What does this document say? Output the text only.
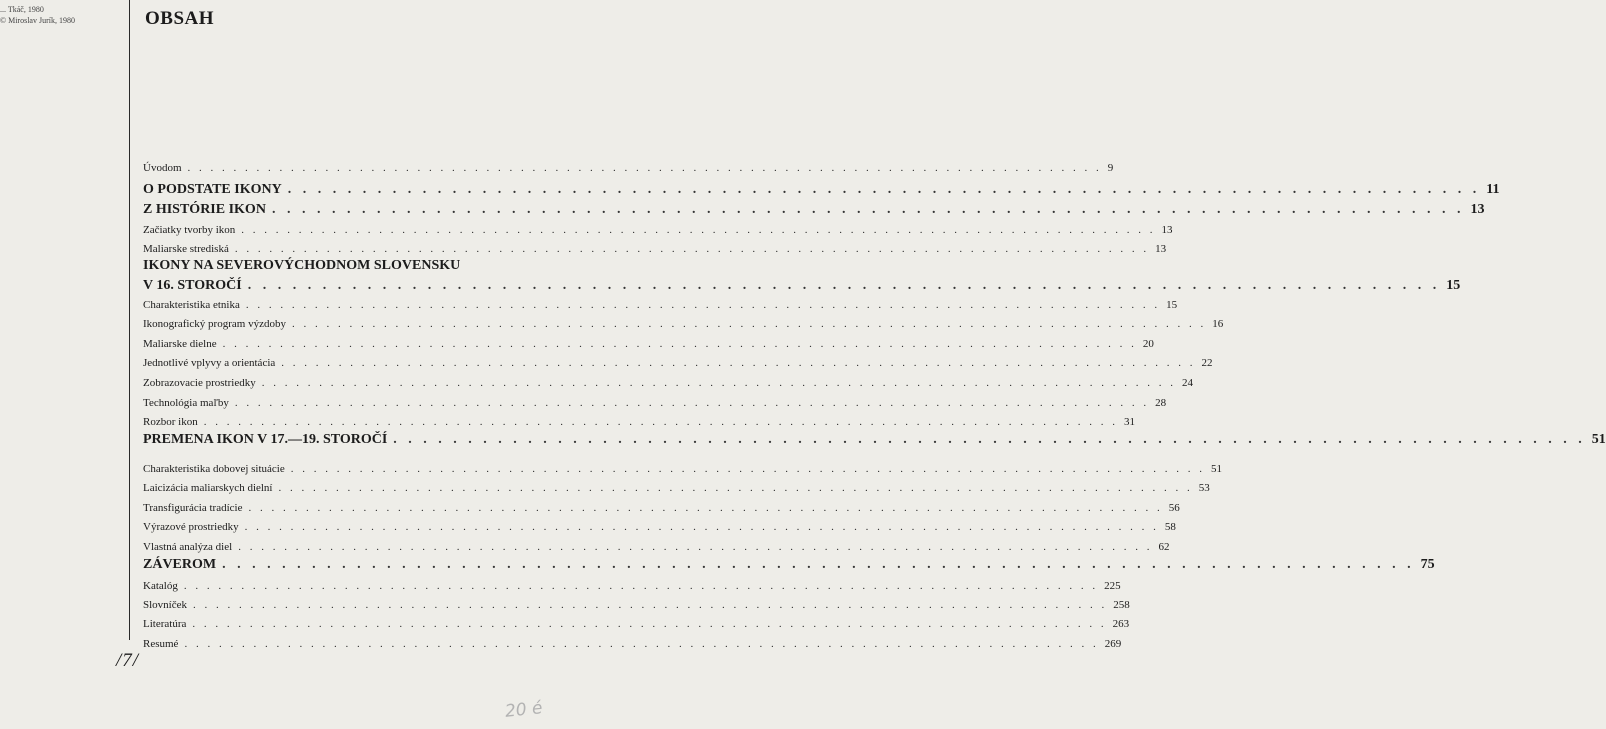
... Tkáč, 1980
© Miroslav Jurík, 1980	OBSAH
IKONY NA SEVEROVÝCHODNOM SLOVENSKU
Úvodom . . . . . . . . . . . . . . . . . . . . . . . . . . . . . . . . . . . . . . . . . . . . . . . . . . . . . . . . . . . . . . . . . . . . . . . . . . . . . . . . 9
O PODSTATE IKONY . . . . . . . . . . . . . . . . . . . . . . . . . . . . . . . . . . . . . . . . . . . . . . . . . . . . . . . . . . . . . . . . . . . . . . . . . . . . . . . . 11
Z HISTÓRIE IKON . . . . . . . . . . . . . . . . . . . . . . . . . . . . . . . . . . . . . . . . . . . . . . . . . . . . . . . . . . . . . . . . . . . . . . . . . . . . . . . . 13
Začiatky tvorby ikon . . . . . . . . . . . . . . . . . . . . . . . . . . . . . . . . . . . . . . . . . . . . . . . . . . . . . . . . . . . . . . . . . . . . . . . . . . . . . . . . 13
Maliarske strediská . . . . . . . . . . . . . . . . . . . . . . . . . . . . . . . . . . . . . . . . . . . . . . . . . . . . . . . . . . . . . . . . . . . . . . . . . . . . . . . . 13
V 16. STOROČÍ . . . . . . . . . . . . . . . . . . . . . . . . . . . . . . . . . . . . . . . . . . . . . . . . . . . . . . . . . . . . . . . . . . . . . . . . . . . . . . . . 15
Charakteristika etnika . . . . . . . . . . . . . . . . . . . . . . . . . . . . . . . . . . . . . . . . . . . . . . . . . . . . . . . . . . . . . . . . . . . . . . . . . . . . . . . . 15
Ikonografický program výzdoby . . . . . . . . . . . . . . . . . . . . . . . . . . . . . . . . . . . . . . . . . . . . . . . . . . . . . . . . . . . . . . . . . . . . . . . . . . . . . . . . 16
Maliarske dielne . . . . . . . . . . . . . . . . . . . . . . . . . . . . . . . . . . . . . . . . . . . . . . . . . . . . . . . . . . . . . . . . . . . . . . . . . . . . . . . . 20
Jednotlivé vplyvy a orientácia . . . . . . . . . . . . . . . . . . . . . . . . . . . . . . . . . . . . . . . . . . . . . . . . . . . . . . . . . . . . . . . . . . . . . . . . . . . . . . . . 22
Zobrazovacie prostriedky . . . . . . . . . . . . . . . . . . . . . . . . . . . . . . . . . . . . . . . . . . . . . . . . . . . . . . . . . . . . . . . . . . . . . . . . . . . . . . . . 24
Technológia maľby . . . . . . . . . . . . . . . . . . . . . . . . . . . . . . . . . . . . . . . . . . . . . . . . . . . . . . . . . . . . . . . . . . . . . . . . . . . . . . . . 28
Rozbor ikon . . . . . . . . . . . . . . . . . . . . . . . . . . . . . . . . . . . . . . . . . . . . . . . . . . . . . . . . . . . . . . . . . . . . . . . . . . . . . . . . 31
PREMENA IKON V 17.—19. STOROČÍ . . . . . . . . . . . . . . . . . . . . . . . . . . . . . . . . . . . . . . . . . . . . . . . . . . . . . . . . . . . . . . . . . . . . . . . . . . . . . . . . 51
Charakteristika dobovej situácie . . . . . . . . . . . . . . . . . . . . . . . . . . . . . . . . . . . . . . . . . . . . . . . . . . . . . . . . . . . . . . . . . . . . . . . . . . . . . . . . 51
Laicizácia maliarskych dielní . . . . . . . . . . . . . . . . . . . . . . . . . . . . . . . . . . . . . . . . . . . . . . . . . . . . . . . . . . . . . . . . . . . . . . . . . . . . . . . . 53
Transfigurácia tradície . . . . . . . . . . . . . . . . . . . . . . . . . . . . . . . . . . . . . . . . . . . . . . . . . . . . . . . . . . . . . . . . . . . . . . . . . . . . . . . . 56
Výrazové prostriedky . . . . . . . . . . . . . . . . . . . . . . . . . . . . . . . . . . . . . . . . . . . . . . . . . . . . . . . . . . . . . . . . . . . . . . . . . . . . . . . . 58
Vlastná analýza diel . . . . . . . . . . . . . . . . . . . . . . . . . . . . . . . . . . . . . . . . . . . . . . . . . . . . . . . . . . . . . . . . . . . . . . . . . . . . . . . . 62
ZÁVEROM . . . . . . . . . . . . . . . . . . . . . . . . . . . . . . . . . . . . . . . . . . . . . . . . . . . . . . . . . . . . . . . . . . . . . . . . . . . . . . . . 75
Katalóg . . . . . . . . . . . . . . . . . . . . . . . . . . . . . . . . . . . . . . . . . . . . . . . . . . . . . . . . . . . . . . . . . . . . . . . . . . . . . . . . 225
Slovníček . . . . . . . . . . . . . . . . . . . . . . . . . . . . . . . . . . . . . . . . . . . . . . . . . . . . . . . . . . . . . . . . . . . . . . . . . . . . . . . . 258
Literatúra . . . . . . . . . . . . . . . . . . . . . . . . . . . . . . . . . . . . . . . . . . . . . . . . . . . . . . . . . . . . . . . . . . . . . . . . . . . . . . . . 263
Resumé . . . . . . . . . . . . . . . . . . . . . . . . . . . . . . . . . . . . . . . . . . . . . . . . . . . . . . . . . . . . . . . . . . . . . . . . . . . . . . . . 269
/7/
20 é
